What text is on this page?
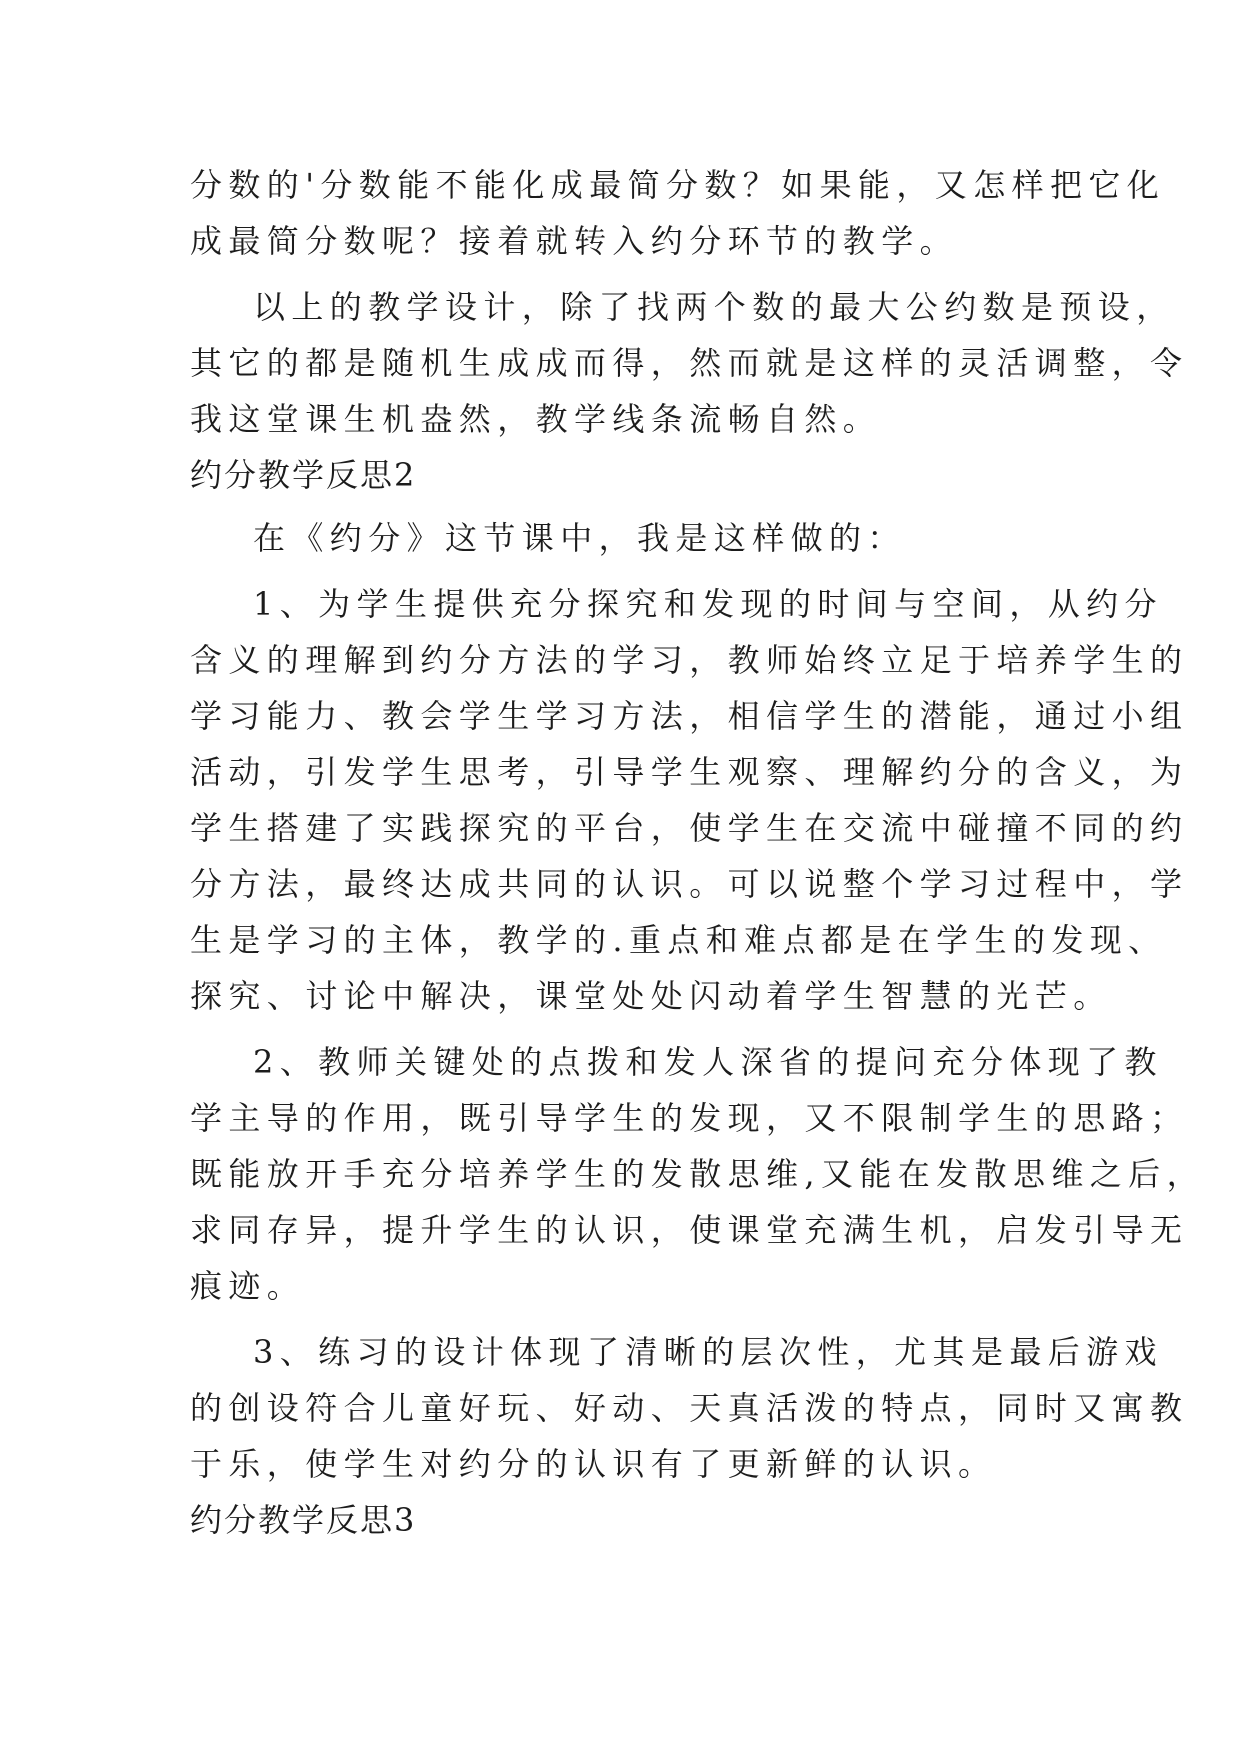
分数的'分数能不能化成最简分数？如果能，又怎样把它化
成最简分数呢？接着就转入约分环节的教学。
以上的教学设计，除了找两个数的最大公约数是预设，
其它的都是随机生成成而得，然而就是这样的灵活调整，令
我这堂课生机盎然，教学线条流畅自然。
约分教学反思2
在《约分》这节课中，我是这样做的：
1、为学生提供充分探究和发现的时间与空间，从约分
含义的理解到约分方法的学习，教师始终立足于培养学生的
学习能力、教会学生学习方法，相信学生的潜能，通过小组
活动，引发学生思考，引导学生观察、理解约分的含义，为
学生搭建了实践探究的平台，使学生在交流中碰撞不同的约
分方法，最终达成共同的认识。可以说整个学习过程中，学
生是学习的主体，教学的.重点和难点都是在学生的发现、
探究、讨论中解决，课堂处处闪动着学生智慧的光芒。
2、教师关键处的点拨和发人深省的提问充分体现了教
学主导的作用，既引导学生的发现，又不限制学生的思路；
既能放开手充分培养学生的发散思维,又能在发散思维之后，
求同存异，提升学生的认识，使课堂充满生机，启发引导无
痕迹。
3、练习的设计体现了清晰的层次性，尤其是最后游戏
的创设符合儿童好玩、好动、天真活泼的特点，同时又寓教
于乐，使学生对约分的认识有了更新鲜的认识。
约分教学反思3
